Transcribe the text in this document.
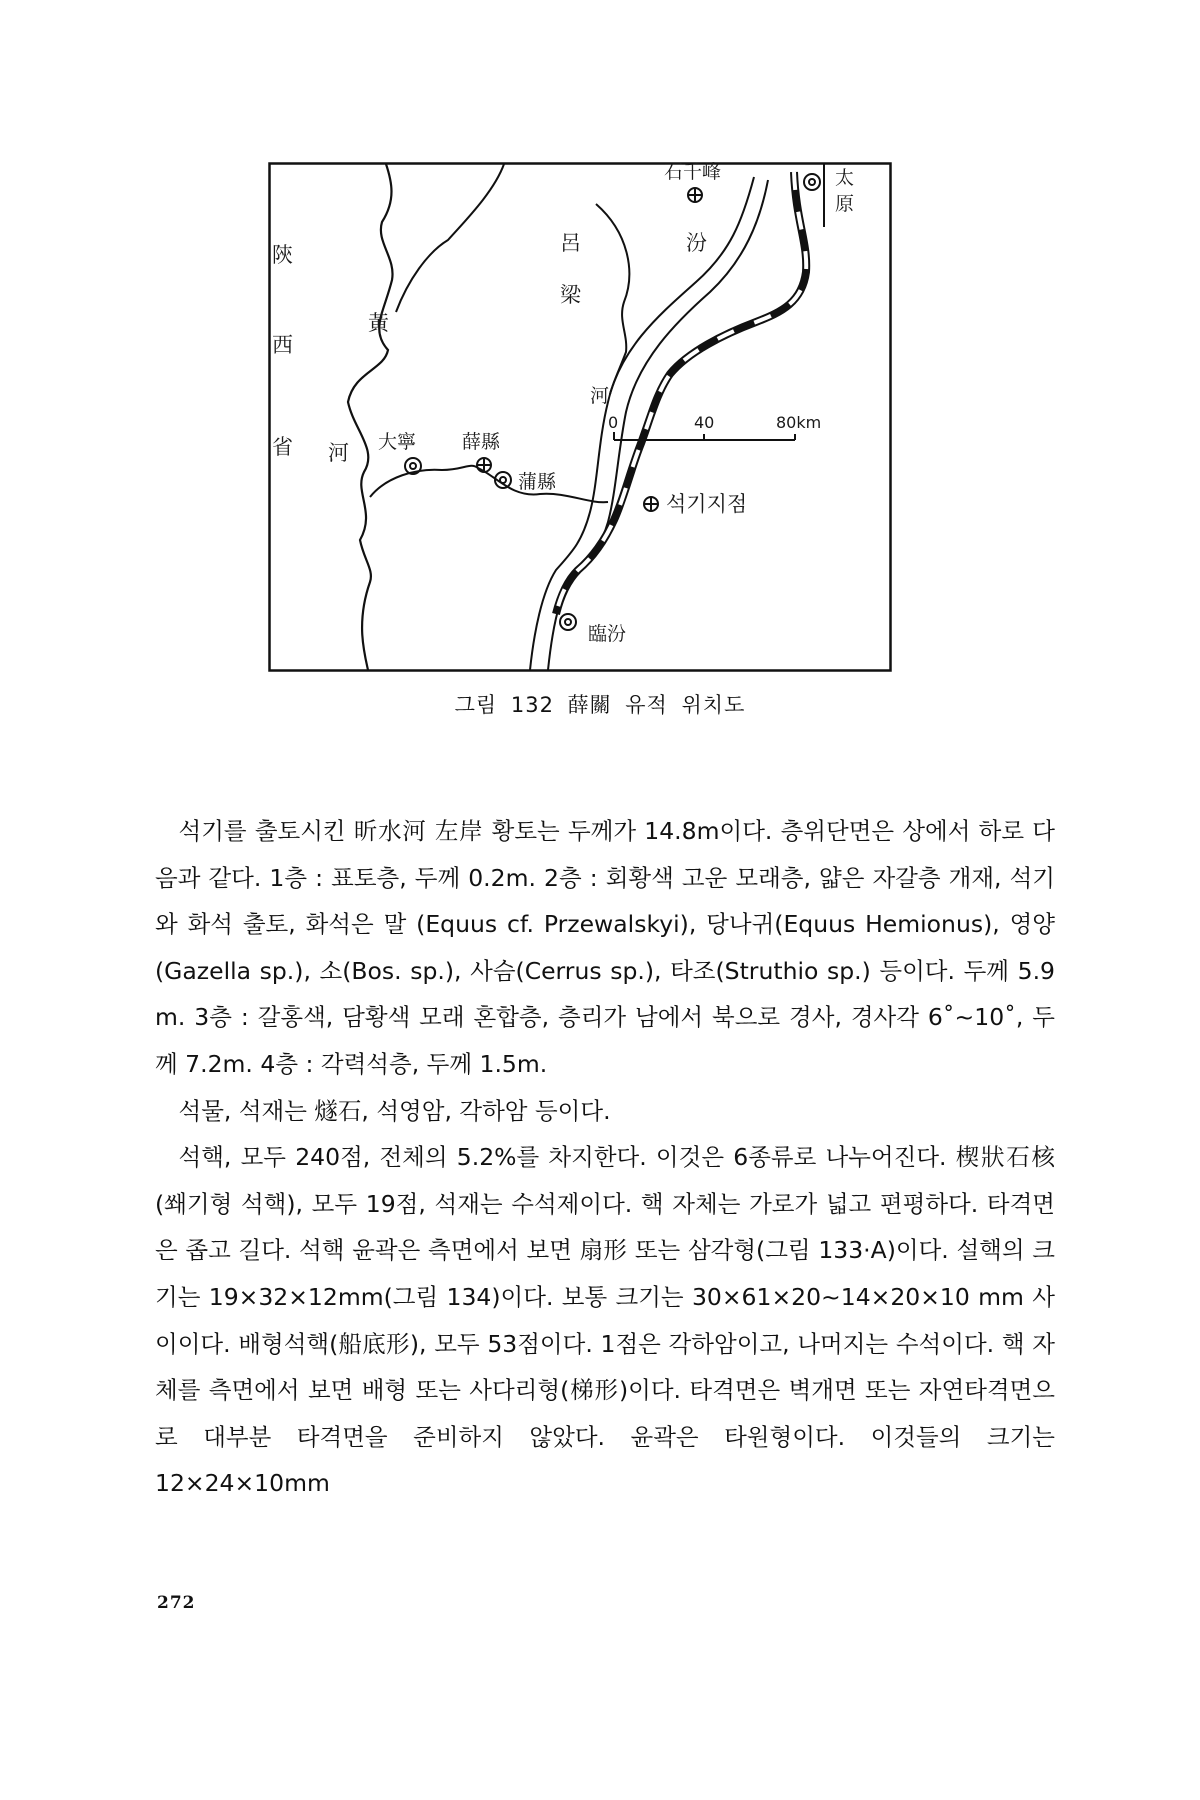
0	40	80km
陝
西
省
黃
河
呂
梁
汾
河
石千峰	太
原
大寧 薛縣
蒲縣
臨汾
석기지점
그림 132 薛關 유적 위치도

석기를 출토시킨 昕水河 左岸 황토는 두께가 14.8m이다. 층위단면은 상에서 하로 다음과 같다. 1층 : 표토층, 두께 0.2m. 2층 : 회황색 고운 모래층, 얇은 자갈층 개재, 석기와 화석 출토, 화석은 말 (Equus cf. Przewalskyi), 당나귀(Equus Hemionus), 영양(Gazella sp.), 소(Bos. sp.), 사슴(Cerrus sp.), 타조(Struthio sp.) 등이다. 두께 5.9 m. 3층 : 갈홍색, 담황색 모래 혼합층, 층리가 남에서 북으로 경사, 경사각 6˚~10˚, 두께 7.2m. 4층 : 각력석층, 두께 1.5m.

석물, 석재는 燧石, 석영암, 각하암 등이다.

석핵, 모두 240점, 전체의 5.2%를 차지한다. 이것은 6종류로 나누어진다. 楔狀石核(쐐기형 석핵), 모두 19점, 석재는 수석제이다. 핵 자체는 가로가 넓고 편평하다. 타격면은 좁고 길다. 석핵 윤곽은 측면에서 보면 扇形 또는 삼각형(그림 133·A)이다. 설핵의 크기는 19×32×12mm(그림 134)이다. 보통 크기는 30×61×20~14×20×10 mm 사이이다. 배형석핵(船底形), 모두 53점이다. 1점은 각하암이고, 나머지는 수석이다. 핵 자체를 측면에서 보면 배형 또는 사다리형(梯形)이다. 타격면은 벽개면 또는 자연타격면으로 대부분 타격면을 준비하지 않았다. 윤곽은 타원형이다. 이것들의 크기는 12×24×10mm

272
